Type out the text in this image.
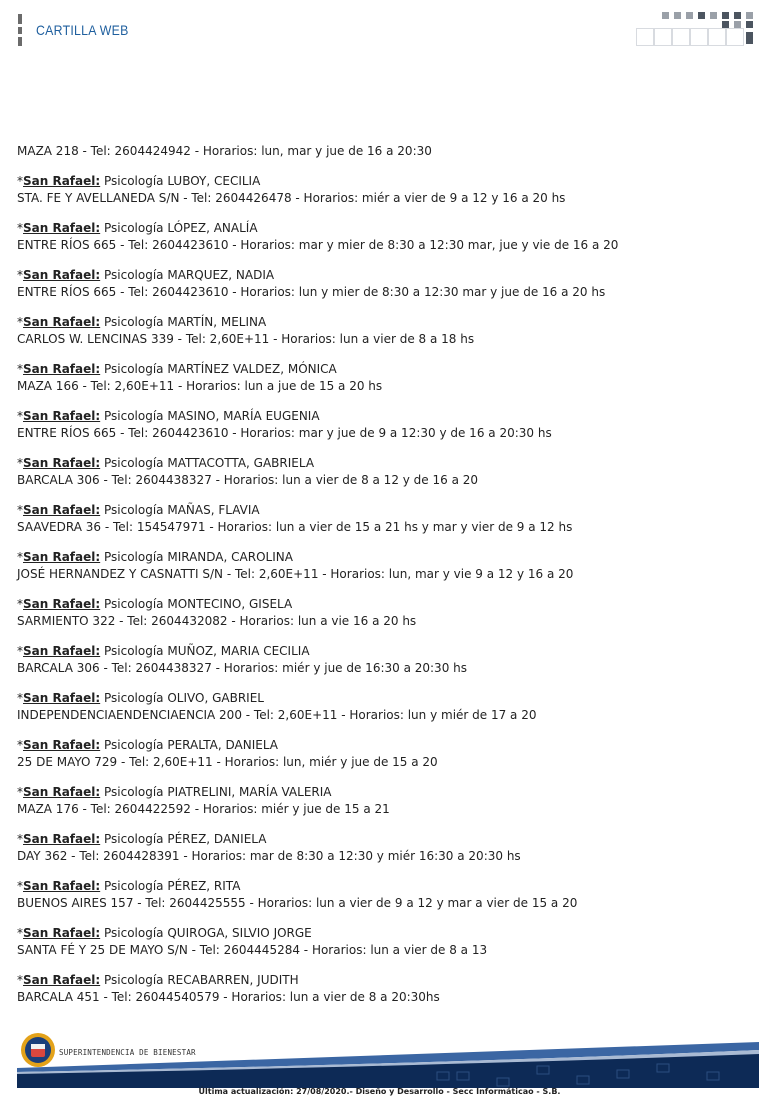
CARTILLA WEB
MAZA 218 - Tel: 2604424942 - Horarios: lun, mar y jue de 16 a 20:30
*San Rafael: Psicología LUBOY, CECILIA
STA. FE Y AVELLANEDA S/N - Tel: 2604426478 - Horarios: miér a vier de 9 a 12 y 16 a 20 hs
*San Rafael: Psicología LÓPEZ, ANALÍA
ENTRE RÍOS 665 - Tel: 2604423610 - Horarios: mar y mier de 8:30 a 12:30 mar, jue y vie de 16 a 20
*San Rafael: Psicología MARQUEZ, NADIA
ENTRE RÍOS 665 - Tel: 2604423610 - Horarios: lun y mier de 8:30 a 12:30 mar y jue de 16 a 20 hs
*San Rafael: Psicología MARTÍN, MELINA
CARLOS W. LENCINAS 339 - Tel: 2,60E+11 - Horarios: lun a vier de 8 a 18 hs
*San Rafael: Psicología MARTÍNEZ VALDEZ, MÓNICA
MAZA 166 - Tel: 2,60E+11 - Horarios: lun a jue de 15 a 20 hs
*San Rafael: Psicología MASINO, MARÍA EUGENIA
ENTRE RÍOS 665 - Tel: 2604423610 - Horarios: mar y jue de 9 a 12:30 y de 16 a 20:30 hs
*San Rafael: Psicología MATTACOTTA, GABRIELA
BARCALA 306 - Tel: 2604438327 - Horarios: lun a vier de 8 a 12 y de 16 a 20
*San Rafael: Psicología MAÑAS, FLAVIA
SAAVEDRA 36 - Tel: 154547971 - Horarios: lun a vier de 15 a 21 hs y mar y vier de 9 a 12 hs
*San Rafael: Psicología MIRANDA, CAROLINA
JOSÉ HERNANDEZ Y CASNATTI S/N - Tel: 2,60E+11 - Horarios: lun, mar y vie 9 a 12 y 16 a 20
*San Rafael: Psicología MONTECINO, GISELA
SARMIENTO 322 - Tel: 2604432082 - Horarios: lun a vie 16 a 20 hs
*San Rafael: Psicología MUÑOZ, MARIA CECILIA
BARCALA 306 - Tel: 2604438327 - Horarios: miér y jue de 16:30 a 20:30 hs
*San Rafael: Psicología OLIVO, GABRIEL
INDEPENDENCIAENDENCIAENCIA 200 - Tel: 2,60E+11 - Horarios: lun y miér de 17 a 20
*San Rafael: Psicología PERALTA, DANIELA
25 DE MAYO 729 - Tel: 2,60E+11 - Horarios: lun, miér y jue de 15 a 20
*San Rafael: Psicología PIATRELINI, MARÍA VALERIA
MAZA 176 - Tel: 2604422592 - Horarios: miér y jue de 15 a 21
*San Rafael: Psicología PÉREZ, DANIELA
DAY 362 - Tel: 2604428391 - Horarios: mar de 8:30 a 12:30 y miér 16:30 a 20:30 hs
*San Rafael: Psicología PÉREZ, RITA
BUENOS AIRES 157 - Tel: 2604425555 - Horarios: lun a vier de 9 a 12 y mar a vier de 15 a 20
*San Rafael: Psicología QUIROGA, SILVIO JORGE
SANTA FÉ Y 25 DE MAYO S/N - Tel: 2604445284 - Horarios: lun a vier de 8 a 13
*San Rafael: Psicología RECABARREN, JUDITH
BARCALA 451 - Tel: 26044540579 - Horarios: lun a vier de 8 a 20:30hs
SUPERINTENDENCIA DE BIENESTAR
Última actualización: 27/08/2020.- Diseño y Desarrollo - Secc Informáticao - S.B.
